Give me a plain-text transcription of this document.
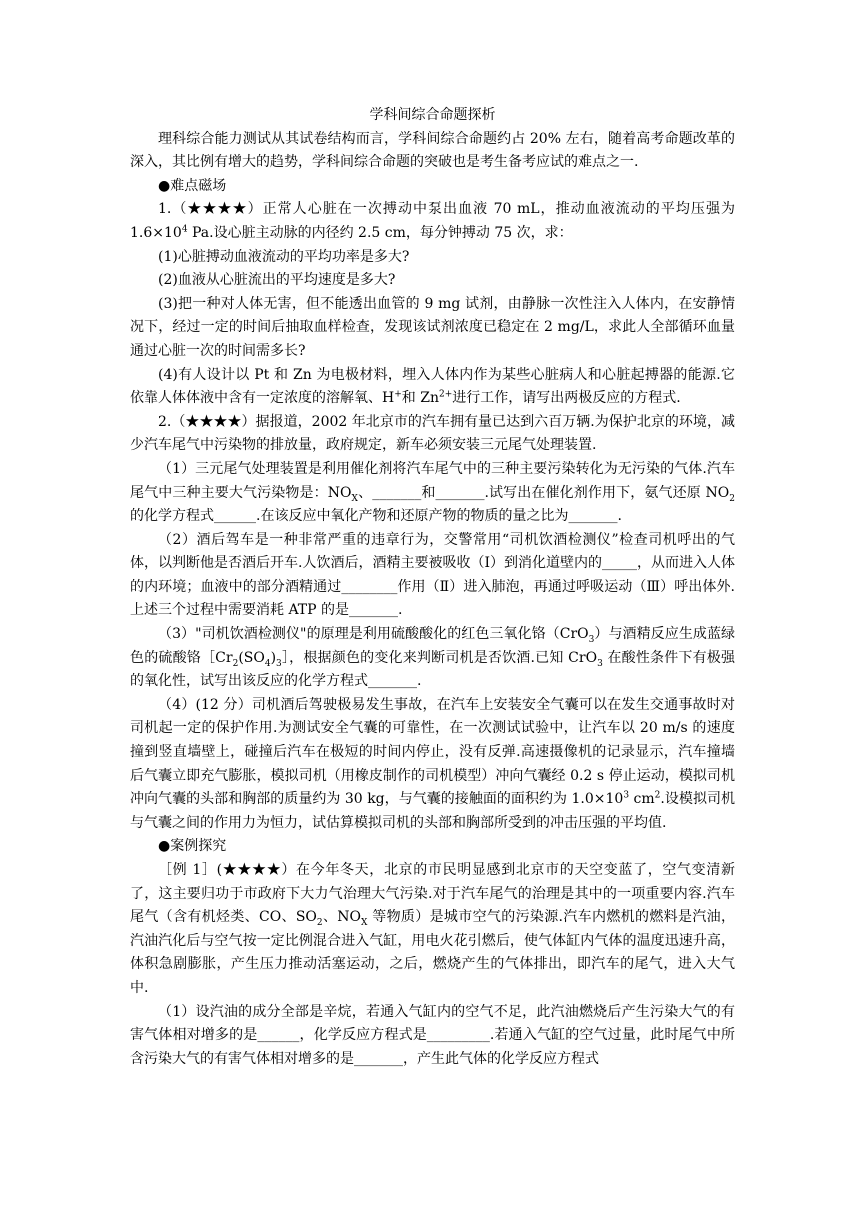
学科间综合命题探析

理科综合能力测试从其试卷结构而言，学科间综合命题约占 20% 左右，随着高考命题改革的深入，其比例有增大的趋势，学科间综合命题的突破也是考生备考应试的难点之一.

●难点磁场

1.（★★★★）正常人心脏在一次搏动中泵出血液 70 mL，推动血液流动的平均压强为 $1.6\times 10^4$ Pa.设心脏主动脉的内径约 2.5 cm，每分钟搏动 75 次，求：

(1)心脏搏动血液流动的平均功率是多大?

(2)血液从心脏流出的平均速度是多大?

(3)把一种对人体无害，但不能透出血管的 9 mg 试剂，由静脉一次性注入人体内，在安静情况下，经过一定的时间后抽取血样检查，发现该试剂浓度已稳定在 2 mg/L，求此人全部循环血量通过心脏一次的时间需多长?

(4)有人设计以 Pt 和 Zn 为电极材料，埋入人体内作为某些心脏病人和心脏起搏器的能源.它依靠人体体液中含有一定浓度的溶解氧、H+和 $Zn^{2+}$进行工作，请写出两极反应的方程式.

2.（★★★★）据报道，2002 年北京市的汽车拥有量已达到六百万辆.为保护北京的环境，减少汽车尾气中污染物的排放量，政府规定，新车必须安装三元尾气处理装置.

（1）三元尾气处理装置是利用催化剂将汽车尾气中的三种主要污染转化为无污染的气体.汽车尾气中三种主要大气污染物是：$NO_X$、_______和_______.试写出在催化剂作用下，氨气还原 $NO_2$ 的化学方程式______.在该反应中氧化产物和还原产物的物质的量之比为_______.

（2）酒后驾车是一种非常严重的违章行为，交警常用“司机饮酒检测仪”检查司机呼出的气体，以判断他是否酒后开车.人饮酒后，酒精主要被吸收（Ⅰ）到消化道壁内的_____，从而进入人体的内环境；血液中的部分酒精通过________作用（Ⅱ）进入肺泡，再通过呼吸运动（Ⅲ）呼出体外.上述三个过程中需要消耗 ATP 的是_______.

（3）"司机饮酒检测仪"的原理是利用硫酸酸化的红色三氧化铬（CrO$_3$）与酒精反应生成蓝绿色的硫酸铬$[Cr_2(SO_4)_3]$，根据颜色的变化来判断司机是否饮酒.已知 CrO$_3$ 在酸性条件下有极强的氧化性，试写出该反应的化学方程式_______.

（4）(12 分）司机酒后驾驶极易发生事故，在汽车上安装安全气囊可以在发生交通事故时对司机起一定的保护作用.为测试安全气囊的可靠性，在一次测试试验中，让汽车以 20 m/s 的速度撞到竖直墙壁上，碰撞后汽车在极短的时间内停止，没有反弹.高速摄像机的记录显示，汽车撞墙后气囊立即充气膨胀，模拟司机（用橡皮制作的司机模型）冲向气囊经 0.2 s 停止运动，模拟司机冲向气囊的头部和胸部的质量约为 30 kg，与气囊的接触面的面积约为 $1.0\times 10^3$ $cm^2$.设模拟司机与气囊之间的作用力为恒力，试估算模拟司机的头部和胸部所受到的冲击压强的平均值.

●案例探究

［例 1］(★★★★）在今年冬天，北京的市民明显感到北京市的天空变蓝了，空气变清新了，这主要归功于市政府下大力气治理大气污染.对于汽车尾气的治理是其中的一项重要内容.汽车尾气（含有机烃类、CO、$SO_2$、$NO_X$ 等物质）是城市空气的污染源.汽车内燃机的燃料是汽油，汽油汽化后与空气按一定比例混合进入气缸，用电火花引燃后，使气体缸内气体的温度迅速升高，体积急剧膨胀，产生压力推动活塞运动，之后，燃烧产生的气体排出，即汽车的尾气，进入大气中.

（1）设汽油的成分全部是辛烷，若通入气缸内的空气不足，此汽油燃烧后产生污染大气的有害气体相对增多的是______，化学反应方程式是_________.若通入气缸的空气过量，此时尾气中所含污染大气的有害气体相对增多的是_______，产生此气体的化学反应方程式
